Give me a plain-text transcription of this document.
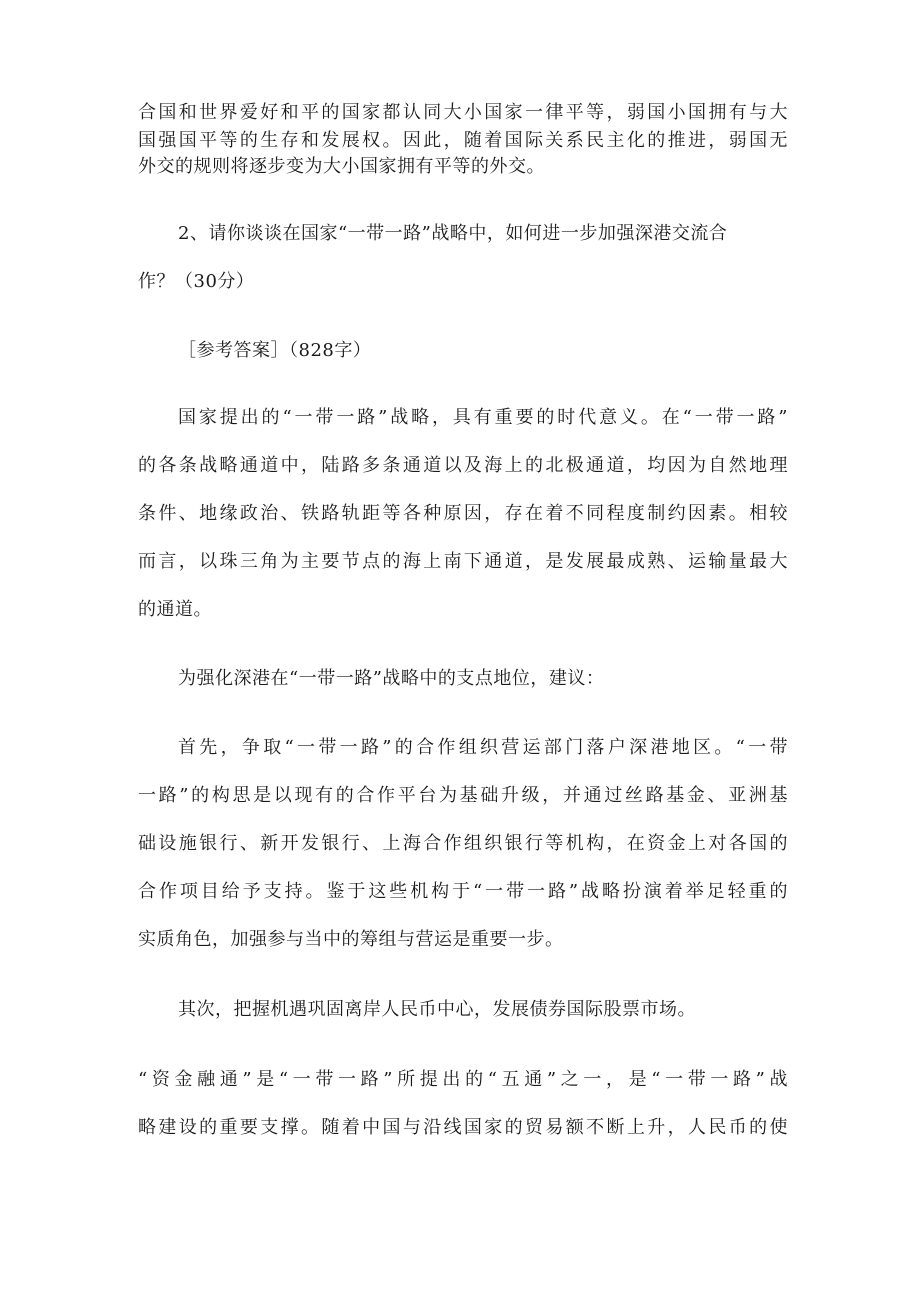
合国和世界爱好和平的国家都认同大小国家一律平等，弱国小国拥有与大
国强国平等的生存和发展权。因此，随着国际关系民主化的推进，弱国无
外交的规则将逐步变为大小国家拥有平等的外交。
2、请你谈谈在国家“一带一路”战略中，如何进一步加强深港交流合
作？（30分）
［参考答案］（828字）
国家提出的“一带一路”战略，具有重要的时代意义。在“一带一路”
的各条战略通道中，陆路多条通道以及海上的北极通道，均因为自然地理
条件、地缘政治、铁路轨距等各种原因，存在着不同程度制约因素。相较
而言，以珠三角为主要节点的海上南下通道，是发展最成熟、运输量最大
的通道。
为强化深港在“一带一路”战略中的支点地位，建议：
首先，争取“一带一路”的合作组织营运部门落户深港地区。“一带
一路”的构思是以现有的合作平台为基础升级，并通过丝路基金、亚洲基
础设施银行、新开发银行、上海合作组织银行等机构，在资金上对各国的
合作项目给予支持。鉴于这些机构于“一带一路”战略扮演着举足轻重的
实质角色，加强参与当中的筹组与营运是重要一步。
其次，把握机遇巩固离岸人民币中心，发展债券国际股票市场。
“资金融通”是“一带一路”所提出的“五通”之一，是“一带一路”战
略建设的重要支撑。随着中国与沿线国家的贸易额不断上升，人民币的使
